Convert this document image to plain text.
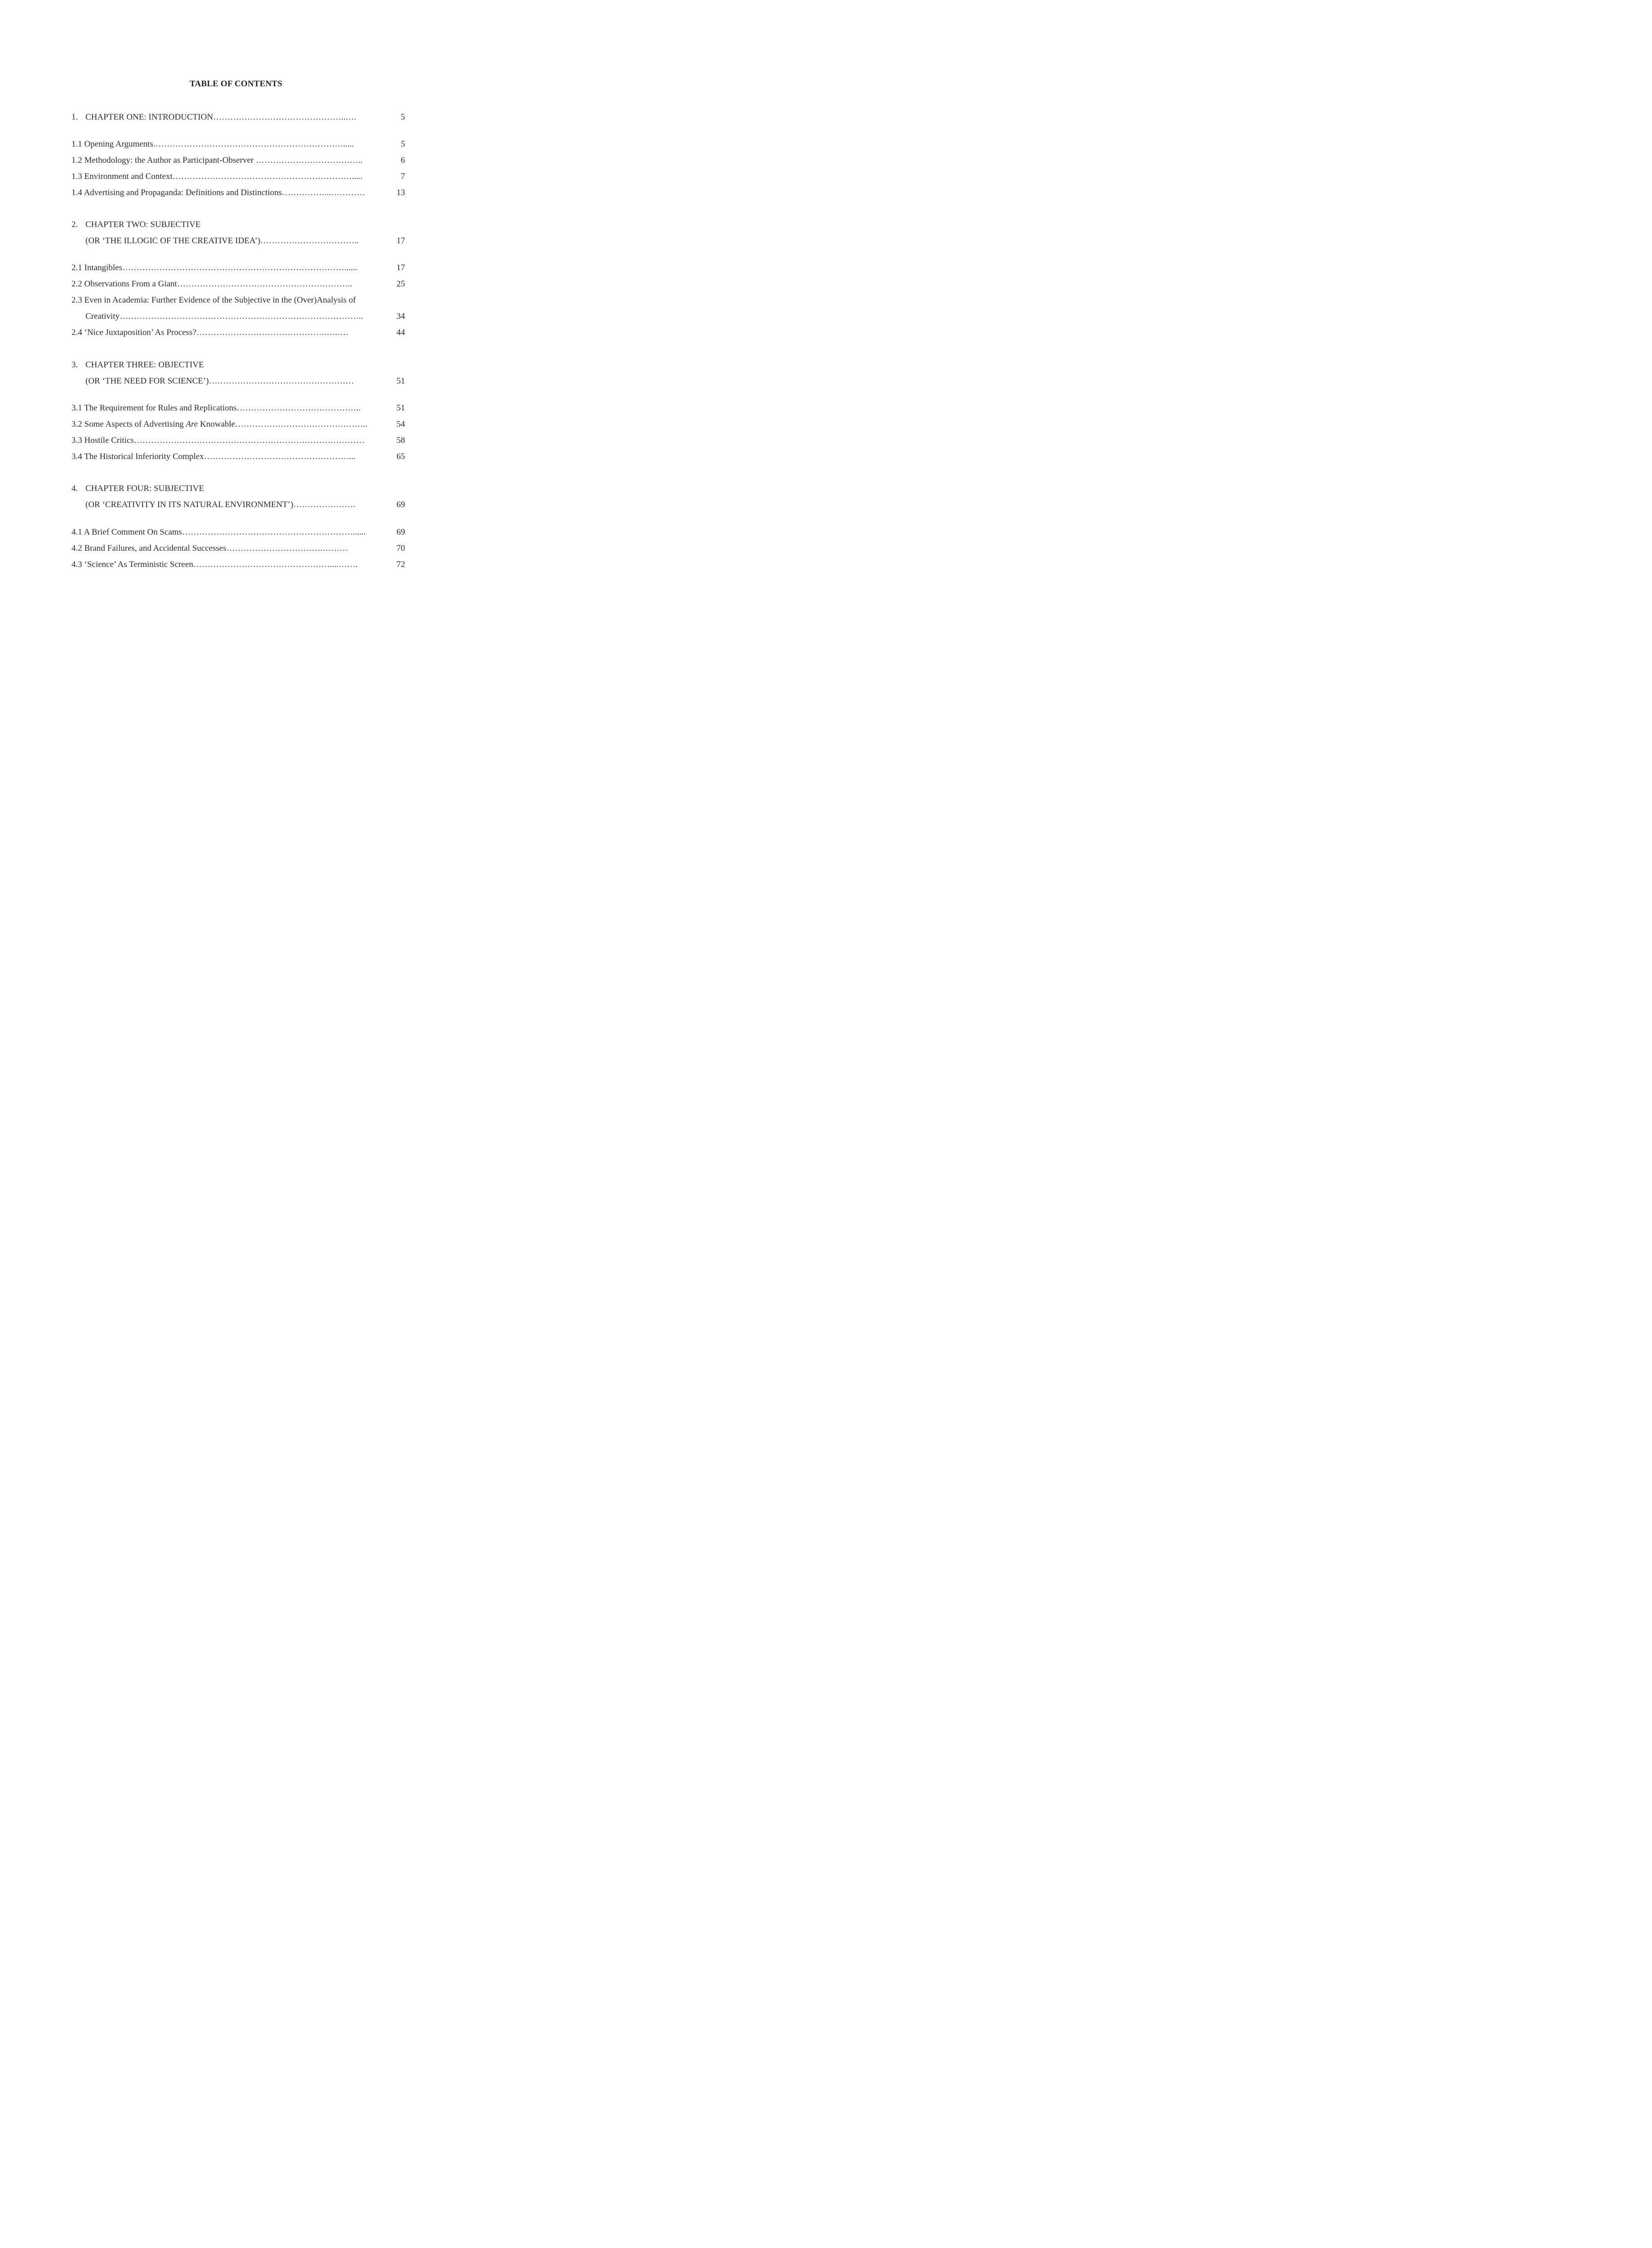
TABLE OF CONTENTS
1. CHAPTER ONE: INTRODUCTION………………………………………..….	5
1.1 Opening Arguments.………………………………………………………….....	5
1.2 Methodology: the Author as Participant-Observer ………………………………..	6
1.3 Environment and Context……………………………………………………….....	7
1.4 Advertising and Propaganda: Definitions and Distinctions……………...…………	13
2. CHAPTER TWO: SUBJECTIVE
(OR ‘THE ILLOGIC OF THE CREATIVE IDEA’)……………………………..	17
2.1 Intangibles……………………………………………………………………......	17
2.2 Observations From a Giant……………………………………………………..	25
2.3 Even in Academia: Further Evidence of the Subjective in the (Over)Analysis of
Creativity…………………………………………………………………………..	34
2.4 ‘Nice Juxtaposition’ As Process?……………………………………….….….	44
3. CHAPTER THREE: OBJECTIVE
(OR ‘THE NEED FOR SCIENCE’)……………………………………………	51
3.1 The Requirement for Rules and Replications……………………………………..	51
3.2 Some Aspects of Advertising Are Knowable………………………………………..	54
3.3 Hostile Critics………………………………………………………………………	58
3.4 The Historical Inferiority Complex……………………………………………...	65
4. CHAPTER FOUR: SUBJECTIVE
(OR ‘CREATIVITY IN ITS NATURAL ENVIRONMENT’)………………….	69
4.1 A Brief Comment On Scams……………………………………………………......	69
4.2 Brand Failures, and Accidental Successes…………………………….………	70
4.3 ‘Science’ As Terministic Screen…………………………………………....…….	72
